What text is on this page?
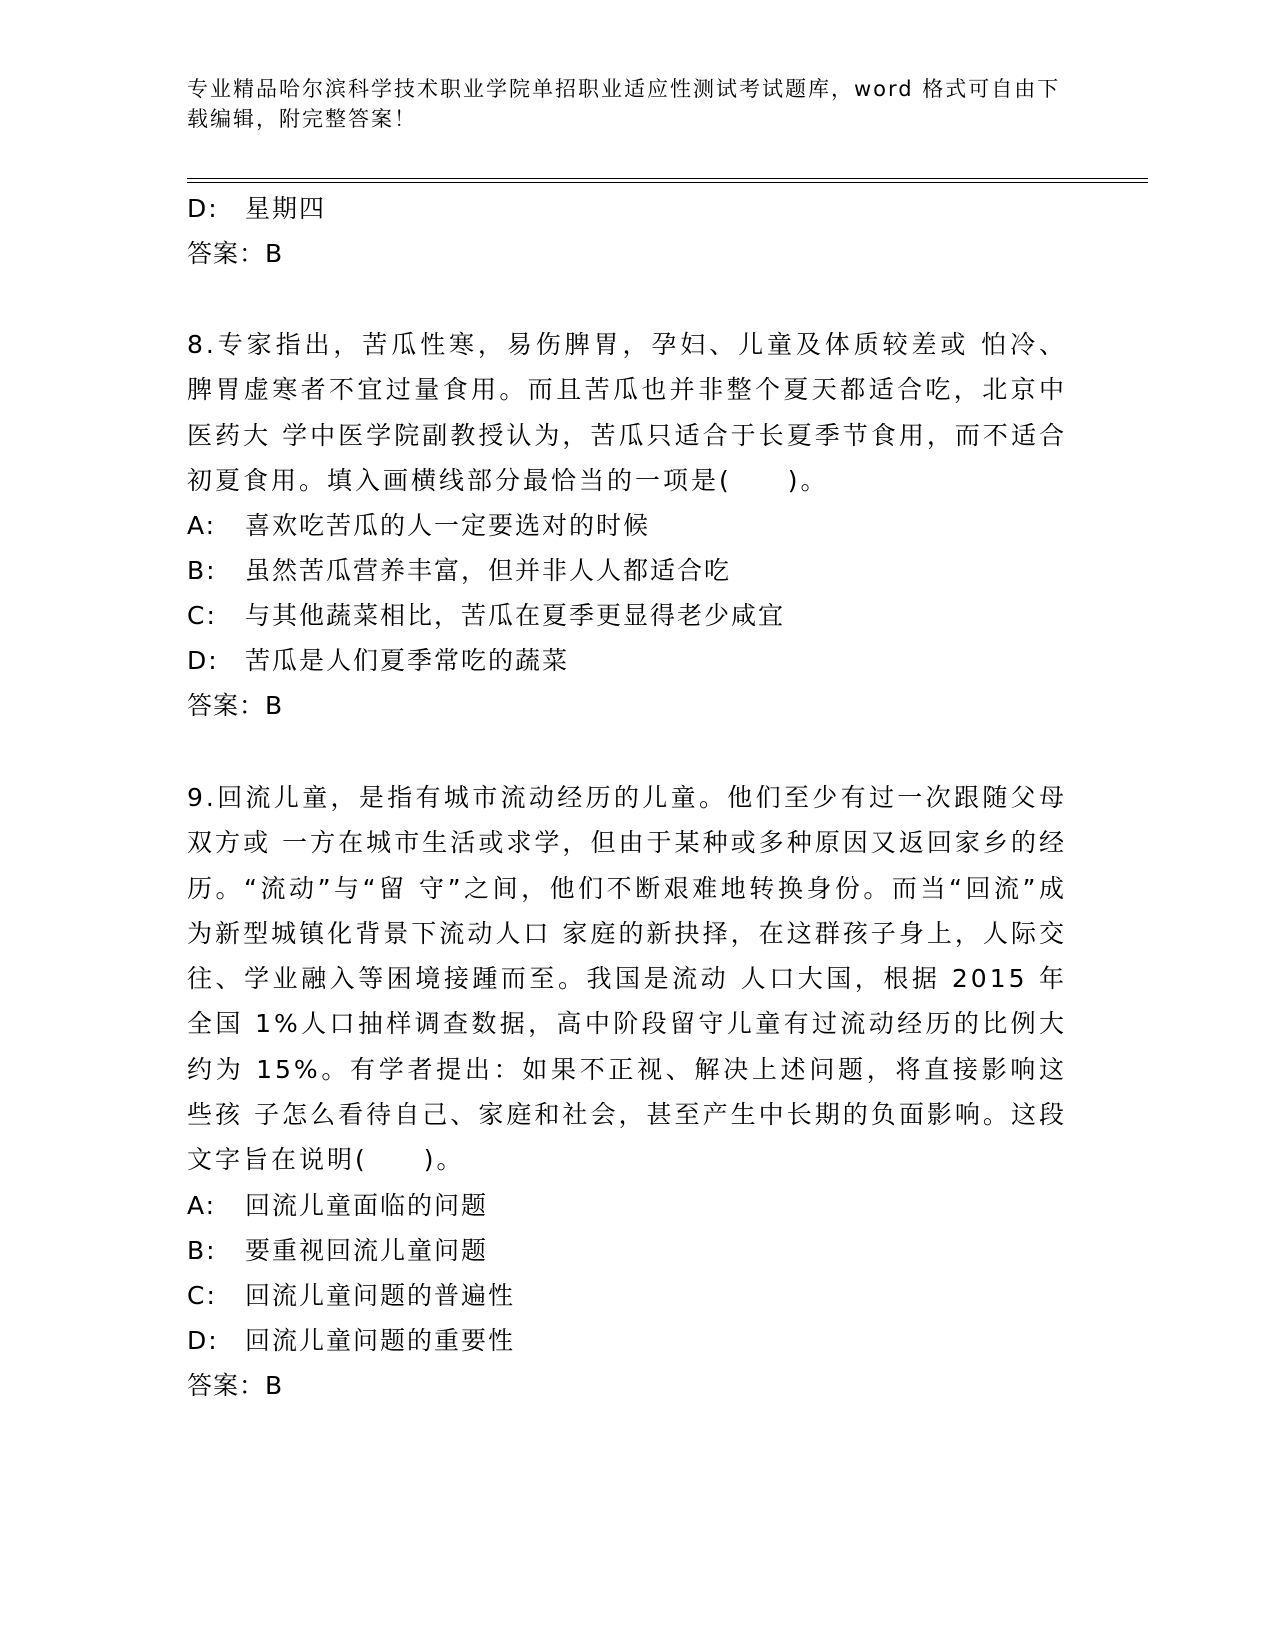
专业精品哈尔滨科学技术职业学院单招职业适应性测试考试题库，word 格式可自由下载编辑，附完整答案！
D: 星期四
答案：B
8.专家指出，苦瓜性寒，易伤脾胃，孕妇、儿童及体质较差或 怕冷、脾胃虚寒者不宜过量食用。而且苦瓜也并非整个夏天都适合吃，北京中医药大 学中医学院副教授认为，苦瓜只适合于长夏季节食用，而不适合初夏食用。填入画横线部分最恰当的一项是(　　)。
A: 喜欢吃苦瓜的人一定要选对的时候
B: 虽然苦瓜营养丰富，但并非人人都适合吃
C: 与其他蔬菜相比，苦瓜在夏季更显得老少咸宜
D: 苦瓜是人们夏季常吃的蔬菜
答案：B
9.回流儿童，是指有城市流动经历的儿童。他们至少有过一次跟随父母双方或 一方在城市生活或求学，但由于某种或多种原因又返回家乡的经历。“流动”与“留 守”之间，他们不断艰难地转换身份。而当“回流”成为新型城镇化背景下流动人口 家庭的新抉择，在这群孩子身上，人际交往、学业融入等困境接踵而至。我国是流动 人口大国，根据 2015 年全国 1%人口抽样调查数据，高中阶段留守儿童有过流动经历的比例大约为 15%。有学者提出：如果不正视、解决上述问题，将直接影响这些孩 子怎么看待自己、家庭和社会，甚至产生中长期的负面影响。这段文字旨在说明(　　)。
A: 回流儿童面临的问题
B: 要重视回流儿童问题
C: 回流儿童问题的普遍性
D: 回流儿童问题的重要性
答案：B
